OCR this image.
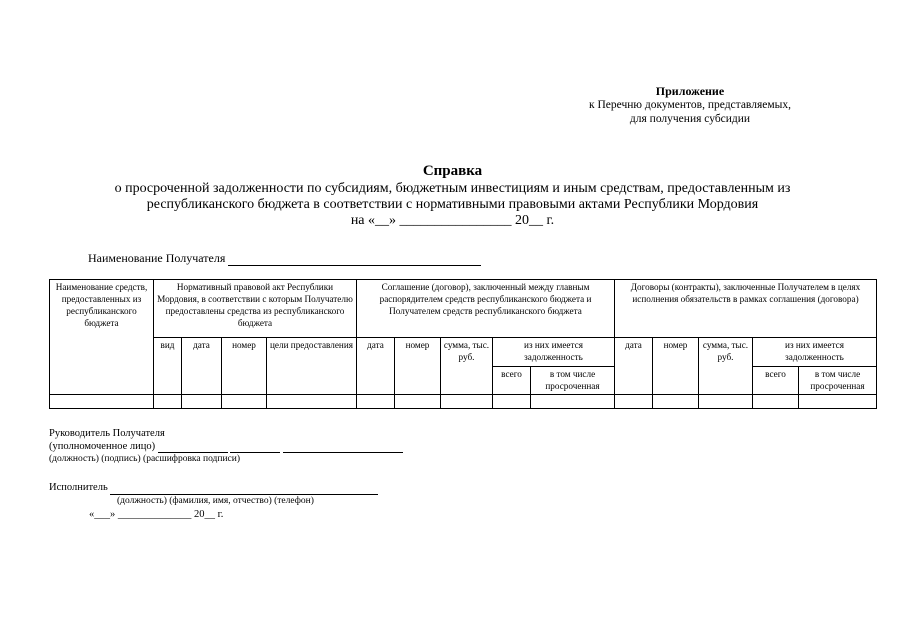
Приложение
к Перечню документов, представляемых,
для получения субсидии
Справка
о просроченной задолженности по субсидиям, бюджетным инвестициям и иным средствам, предоставленным из
республиканского бюджета в соответствии с нормативными правовыми актами Республики Мордовия
на «__» ________________ 20__ г.
Наименование Получателя
Наименование средств, предоставленных из республиканского бюджета	Нормативный правовой акт Республики Мордовия, в соответствии с которым Получателю предоставлены средства из республиканского бюджета				Соглашение (договор), заключенный между главным распорядителем средств республиканского бюджета и Получателем средств республиканского бюджета					Договоры (контракты), заключенные Получателем в целях исполнения обязательств в рамках соглашения (договора)				
	вид	дата	номер	цели предоставления	дата	номер	сумма, тыс. руб.	из них имеется задолженность		дата	номер	сумма, тыс. руб.	из них имеется задолженность	
								всего	в том числе просроченная				всего	в том числе просроченная

Руководитель Получателя
(уполномоченное лицо)
(должность) (подпись) (расшифровка подписи)
Исполнитель
(должность) (фамилия, имя, отчество) (телефон)
«___» ______________ 20__ г.
